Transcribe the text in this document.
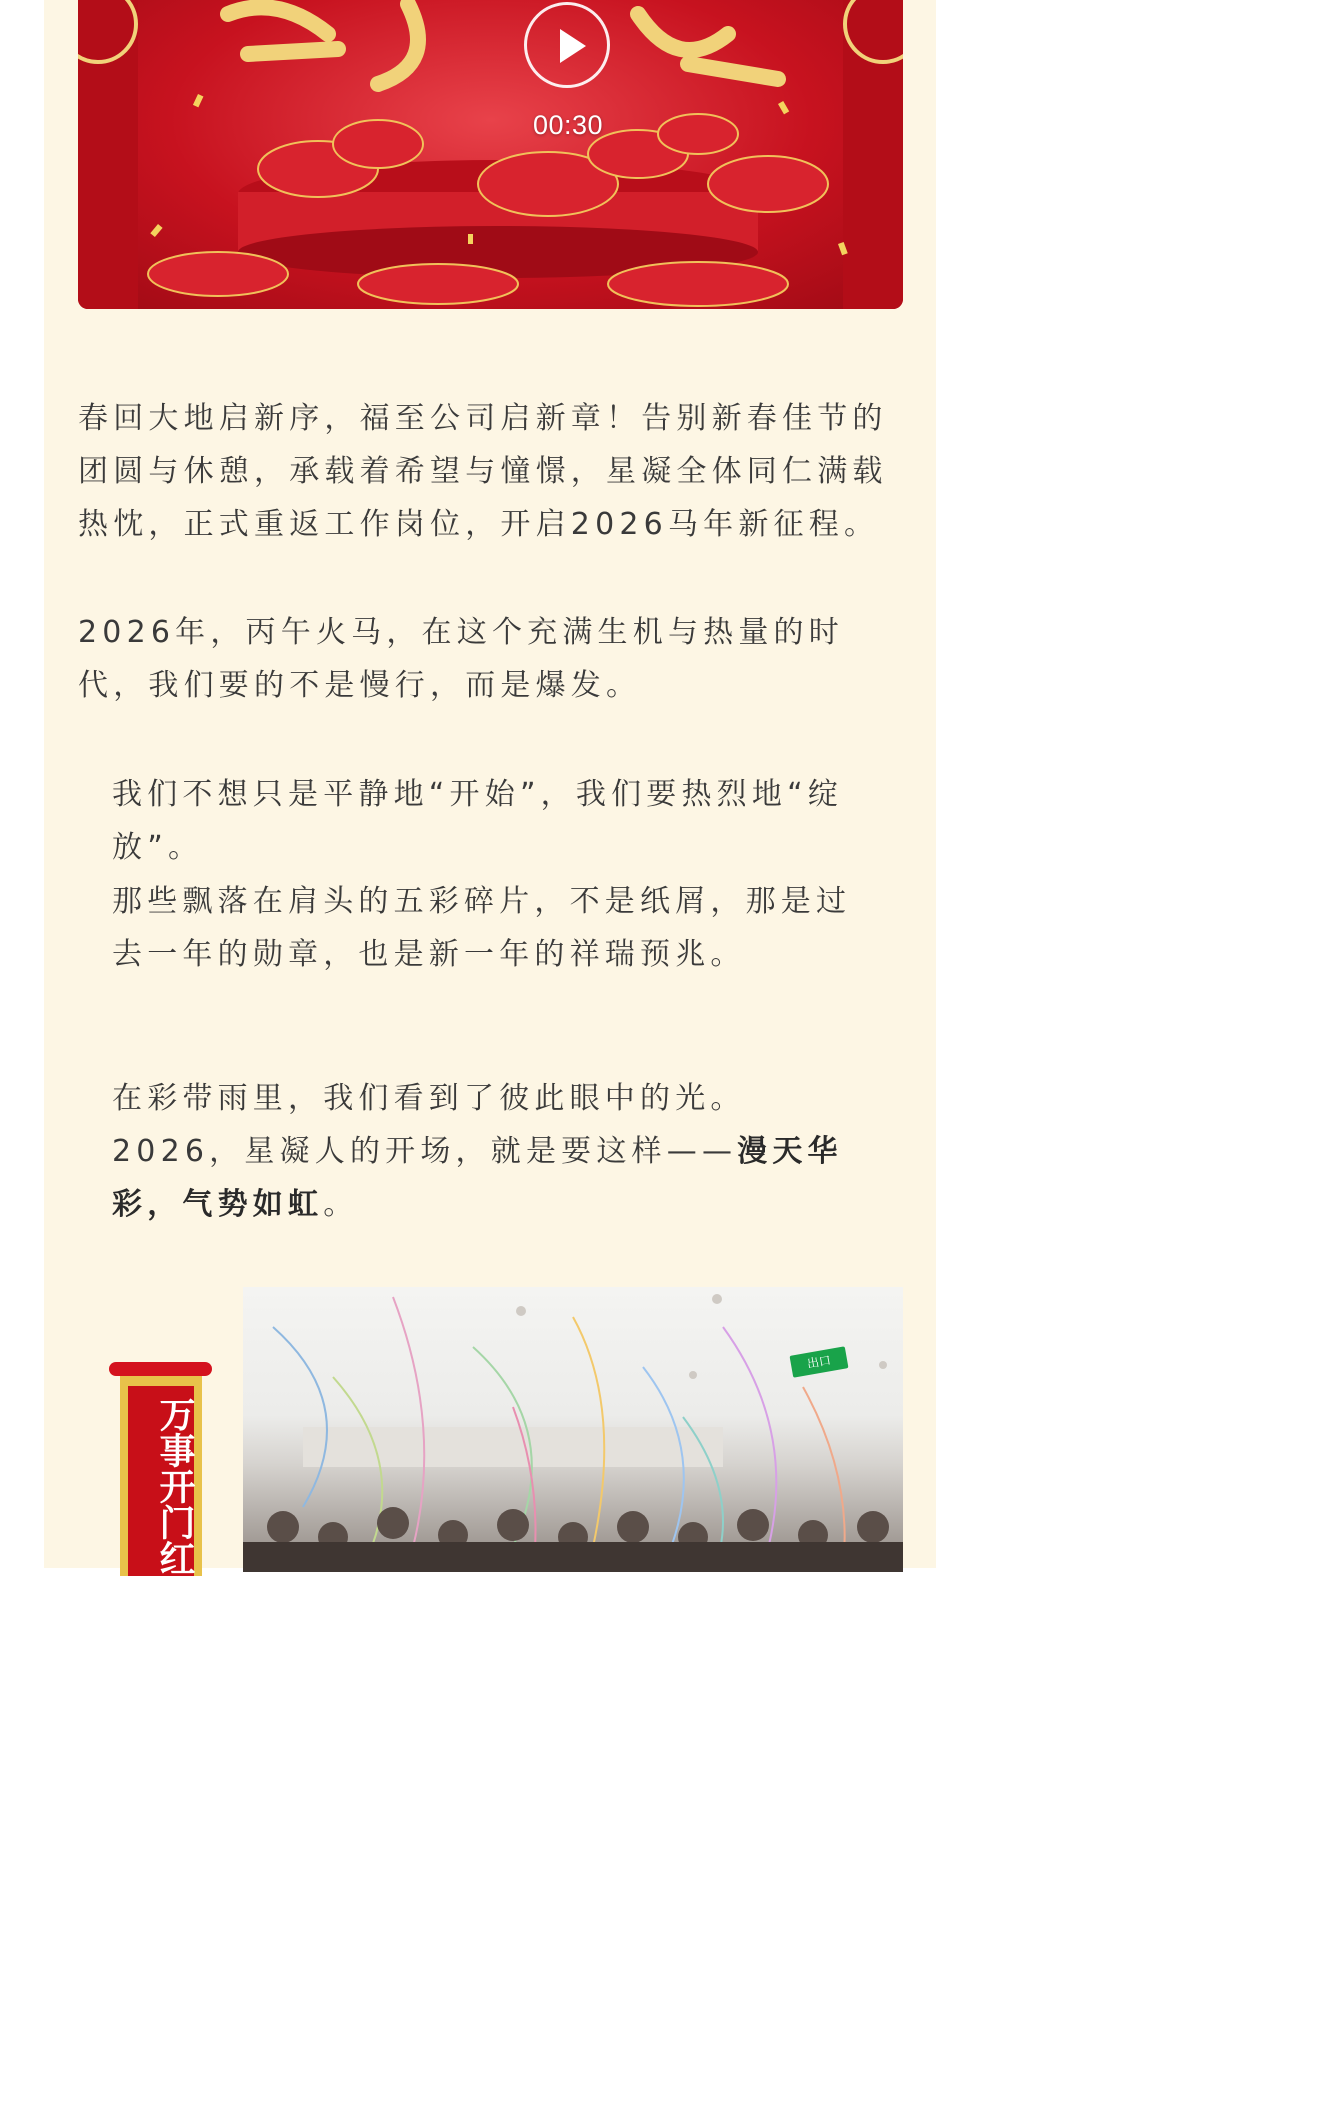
00:30

春回大地启新序，福至公司启新章！告别新春佳节的团圆与休憩，承载着希望与憧憬，星凝全体同仁满载热忱，正式重返工作岗位，开启2026马年新征程。

2026年，丙午火马，在这个充满生机与热量的时代，我们要的不是慢行，而是爆发。

我们不想只是平静地“开始”，我们要热烈地“绽放”。

那些飘落在肩头的五彩碎片，不是纸屑，那是过去一年的勋章，也是新一年的祥瑞预兆。

在彩带雨里，我们看到了彼此眼中的光。

2026，星凝人的开场，就是要这样——漫天华彩，气势如虹。

万事开门红

出口
